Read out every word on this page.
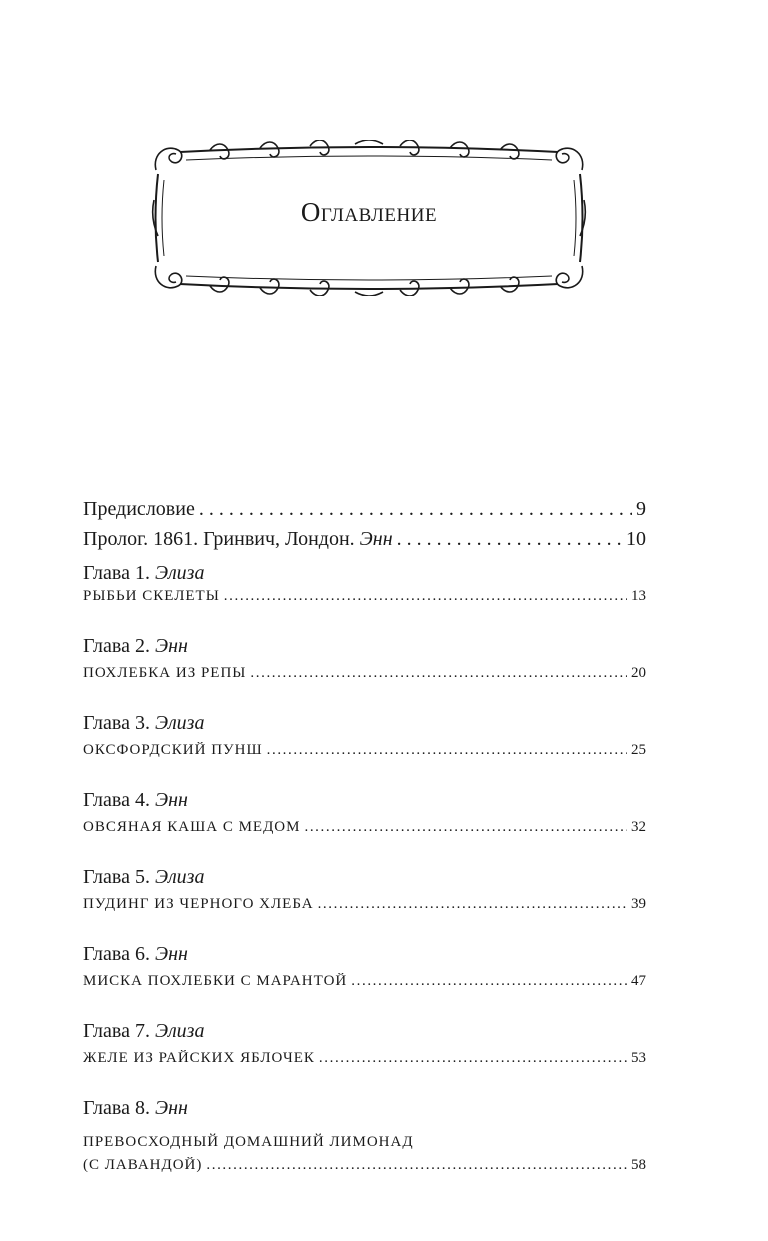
Оглавление
Предисловие . . .	9
Пролог. 1861. Гринвич, Лондон. Энн . . .	10
Глава 1. Элиза
РЫБЬИ СКЕЛЕТЫ .....	13
Глава 2. Энн
ПОХЛЕБКА ИЗ РЕПЫ .....	20
Глава 3. Элиза
ОКСФОРДСКИЙ ПУНШ .....	25
Глава 4. Энн
ОВСЯНАЯ КАША С МЕДОМ .....	32
Глава 5. Элиза
ПУДИНГ ИЗ ЧЕРНОГО ХЛЕБА .....	39
Глава 6. Энн
МИСКА ПОХЛЕБКИ С МАРАНТОЙ .....	47
Глава 7. Элиза
ЖЕЛЕ ИЗ РАЙСКИХ ЯБЛОЧЕК .....	53
Глава 8. Энн
ПРЕВОСХОДНЫЙ ДОМАШНИЙ ЛИМОНАД
(С ЛАВАНДОЙ) .....	58
